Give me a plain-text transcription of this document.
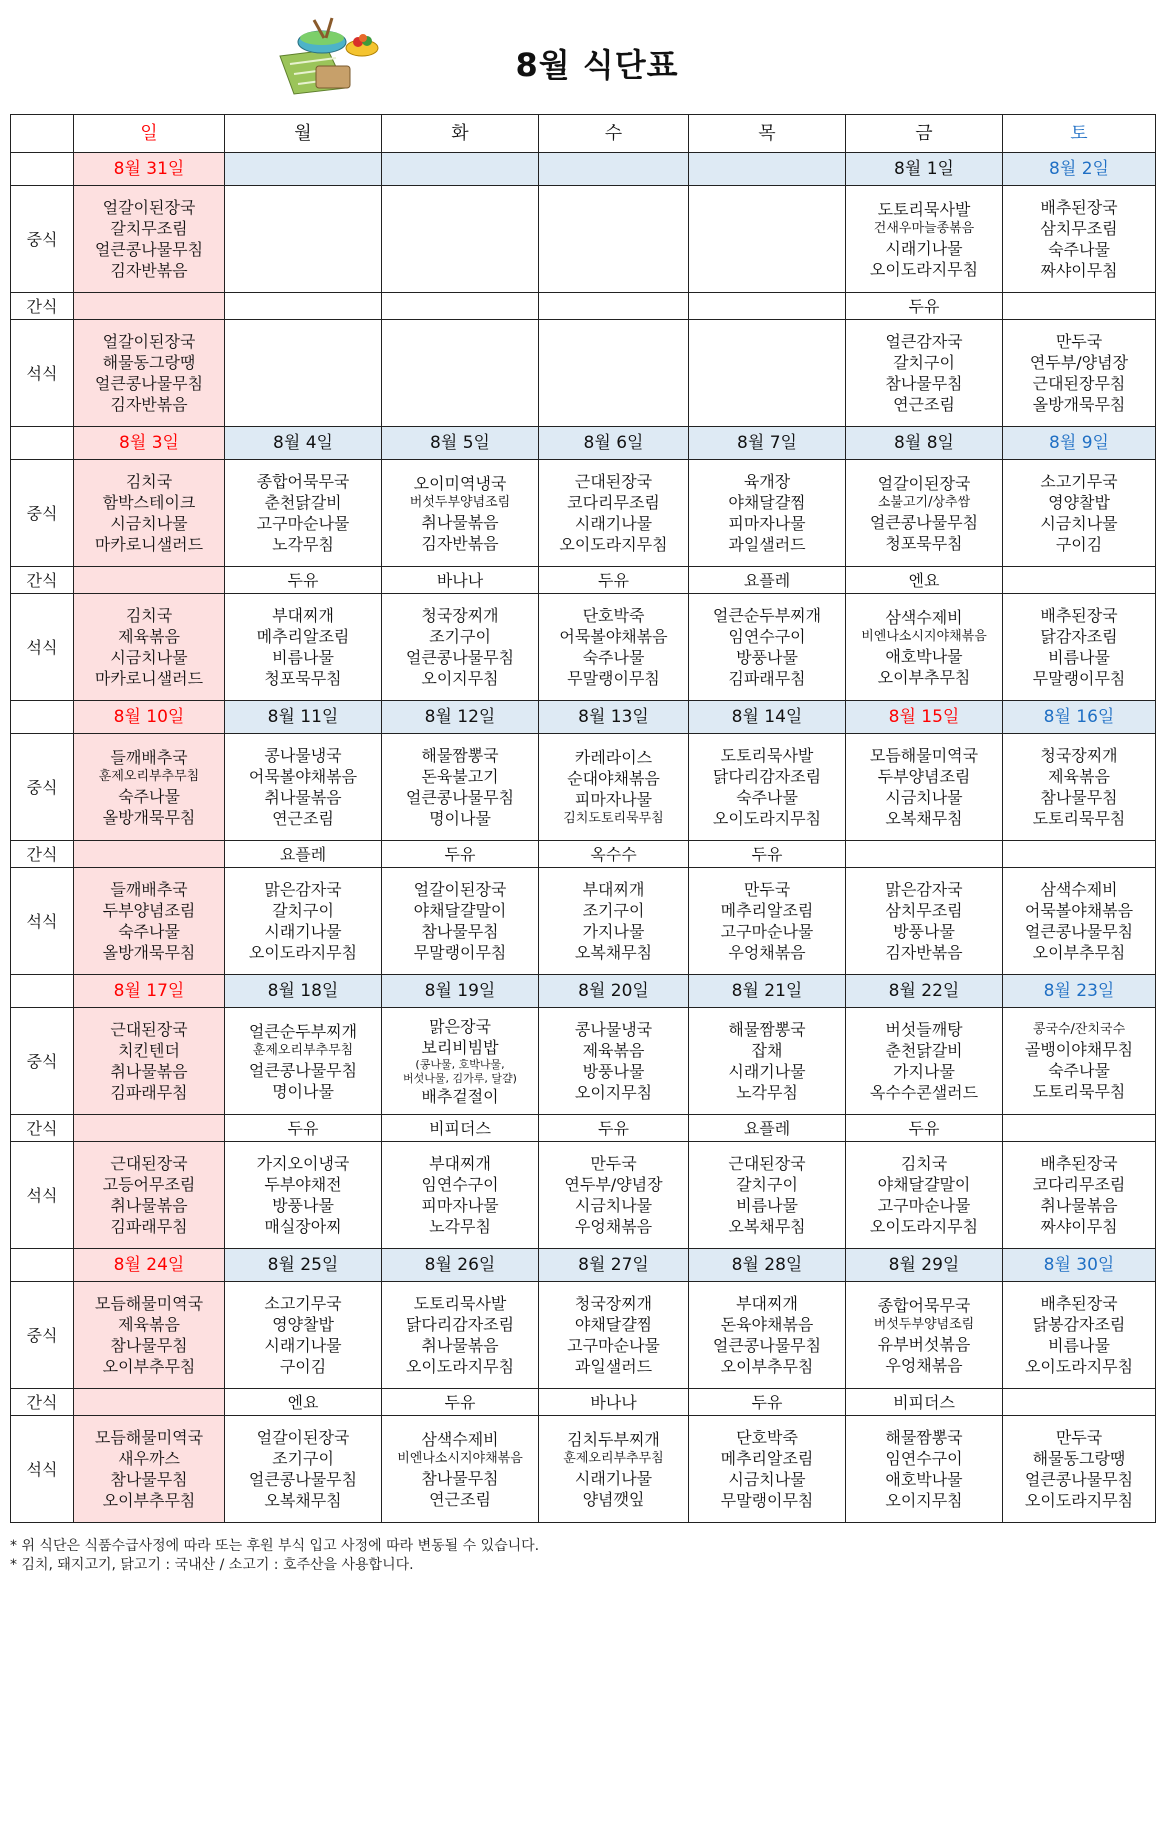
8월 식단표
	일	월	화	수	목	금	토
	8월 31일					8월 1일	8월 2일
중식	얼갈이된장국
갈치무조림
얼큰콩나물무침
김자반볶음					도토리묵사발
건새우마늘종볶음
시래기나물
오이도라지무침	배추된장국
삼치무조림
숙주나물
짜샤이무침

간식						두유	
석식	얼갈이된장국
해물동그랑땡
얼큰콩나물무침
김자반볶음					얼큰감자국
갈치구이
참나물무침
연근조림	만두국
연두부/양념장
근대된장무침
올방개묵무침

	8월 3일	8월 4일	8월 5일	8월 6일	8월 7일	8월 8일	8월 9일
중식	김치국
함박스테이크
시금치나물
마카로니샐러드	종합어묵무국
춘천닭갈비
고구마순나물
노각무침	오이미역냉국
버섯두부양념조림
취나물볶음
김자반볶음	근대된장국
코다리무조림
시래기나물
오이도라지무침	육개장
야채달걀찜
피마자나물
과일샐러드	얼갈이된장국
소불고기/상추쌈
얼큰콩나물무침
청포묵무침	소고기무국
영양찰밥
시금치나물
구이김

간식		두유	바나나	두유	요플레	엔요	
석식	김치국
제육볶음
시금치나물
마카로니샐러드	부대찌개
메추리알조림
비름나물
청포묵무침	청국장찌개
조기구이
얼큰콩나물무침
오이지무침	단호박죽
어묵볼야채볶음
숙주나물
무말랭이무침	얼큰순두부찌개
임연수구이
방풍나물
김파래무침	삼색수제비
비엔나소시지야채볶음
애호박나물
오이부추무침	배추된장국
닭감자조림
비름나물
무말랭이무침

	8월 10일	8월 11일	8월 12일	8월 13일	8월 14일	8월 15일	8월 16일
중식	들깨배추국
훈제오리부추무침
숙주나물
올방개묵무침	콩나물냉국
어묵볼야채볶음
취나물볶음
연근조림	해물짬뽕국
돈육불고기
얼큰콩나물무침
명이나물	카레라이스
순대야채볶음
피마자나물
김치도토리묵무침	도토리묵사발
닭다리감자조림
숙주나물
오이도라지무침	모듬해물미역국
두부양념조림
시금치나물
오복채무침	청국장찌개
제육볶음
참나물무침
도토리묵무침

간식		요플레	두유	옥수수	두유		
석식	들깨배추국
두부양념조림
숙주나물
올방개묵무침	맑은감자국
갈치구이
시래기나물
오이도라지무침	얼갈이된장국
야채달걀말이
참나물무침
무말랭이무침	부대찌개
조기구이
가지나물
오복채무침	만두국
메추리알조림
고구마순나물
우엉채볶음	맑은감자국
삼치무조림
방풍나물
김자반볶음	삼색수제비
어묵볼야채볶음
얼큰콩나물무침
오이부추무침

	8월 17일	8월 18일	8월 19일	8월 20일	8월 21일	8월 22일	8월 23일
중식	근대된장국
치킨텐더
취나물볶음
김파래무침	얼큰순두부찌개
훈제오리부추무침
얼큰콩나물무침
명이나물	맑은장국
보리비빔밥
(콩나물, 호박나물,
버섯나물, 김가루, 달걀)
배추겉절이	콩나물냉국
제육볶음
방풍나물
오이지무침	해물짬뽕국
잡채
시래기나물
노각무침	버섯들깨탕
춘천닭갈비
가지나물
옥수수콘샐러드	콩국수/잔치국수
골뱅이야채무침
숙주나물
도토리묵무침

간식		두유	비피더스	두유	요플레	두유	
석식	근대된장국
고등어무조림
취나물볶음
김파래무침	가지오이냉국
두부야채전
방풍나물
매실장아찌	부대찌개
임연수구이
피마자나물
노각무침	만두국
연두부/양념장
시금치나물
우엉채볶음	근대된장국
갈치구이
비름나물
오복채무침	김치국
야채달걀말이
고구마순나물
오이도라지무침	배추된장국
코다리무조림
취나물볶음
짜샤이무침

	8월 24일	8월 25일	8월 26일	8월 27일	8월 28일	8월 29일	8월 30일
중식	모듬해물미역국
제육볶음
참나물무침
오이부추무침	소고기무국
영양찰밥
시래기나물
구이김	도토리묵사발
닭다리감자조림
취나물볶음
오이도라지무침	청국장찌개
야채달걀찜
고구마순나물
과일샐러드	부대찌개
돈육야채볶음
얼큰콩나물무침
오이부추무침	종합어묵무국
버섯두부양념조림
유부버섯볶음
우엉채볶음	배추된장국
닭봉감자조림
비름나물
오이도라지무침

간식		엔요	두유	바나나	두유	비피더스	
석식	모듬해물미역국
새우까스
참나물무침
오이부추무침	얼갈이된장국
조기구이
얼큰콩나물무침
오복채무침	삼색수제비
비엔나소시지야채볶음
참나물무침
연근조림	김치두부찌개
훈제오리부추무침
시래기나물
양념깻잎	단호박죽
메추리알조림
시금치나물
무말랭이무침	해물짬뽕국
임연수구이
애호박나물
오이지무침	만두국
해물동그랑땡
얼큰콩나물무침
오이도라지무침
* 위 식단은 식품수급사정에 따라 또는 후원 부식 입고 사정에 따라 변동될 수 있습니다.
* 김치, 돼지고기, 닭고기 : 국내산 / 소고기 : 호주산을 사용합니다.
